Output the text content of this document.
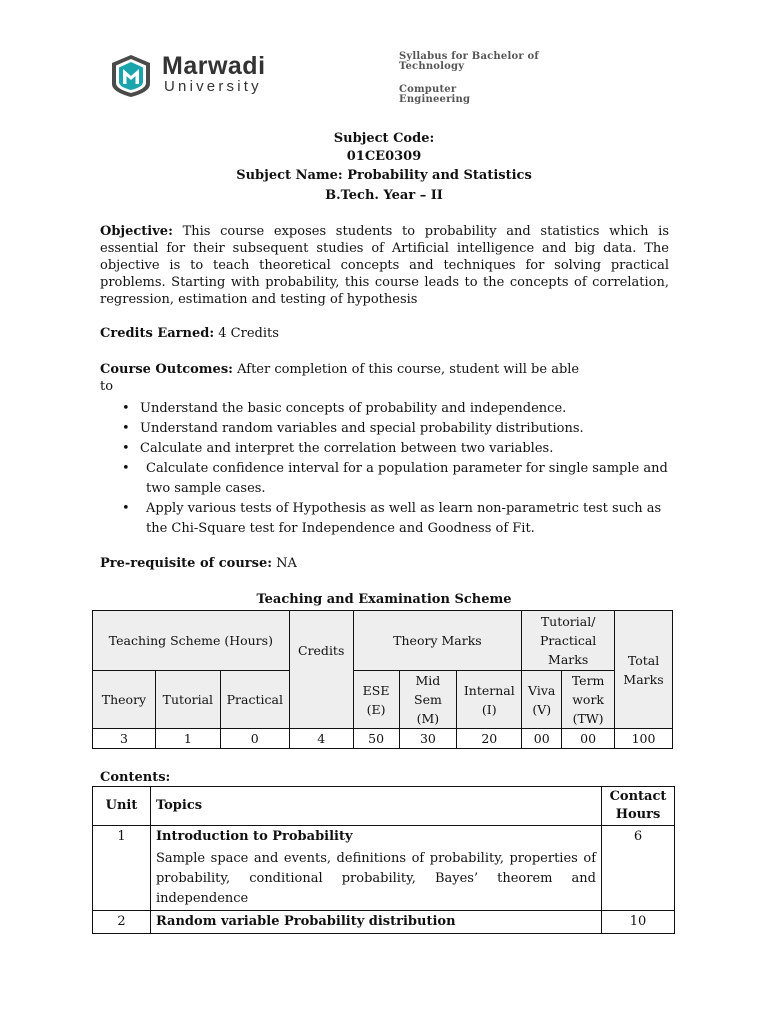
Marwadi
University
Syllabus for Bachelor of
Technology
Computer
Engineering
Subject Code:
01CE0309
Subject Name: Probability and Statistics
B.Tech. Year – II
Objective: This course exposes students to probability and statistics which is essential for their subsequent studies of Artificial intelligence and big data. The objective is to teach theoretical concepts and techniques for solving practical problems. Starting with probability, this course leads to the concepts of correlation, regression, estimation and testing of hypothesis
Credits Earned: 4 Credits
Course Outcomes: After completion of this course, student will be able
to
• Understand the basic concepts of probability and independence.
• Understand random variables and special probability distributions.
• Calculate and interpret the correlation between two variables.
• Calculate confidence interval for a population parameter for single sample and two sample cases.
• Apply various tests of Hypothesis as well as learn non-parametric test such as the Chi-Square test for Independence and Goodness of Fit.
Pre-requisite of course: NA
Teaching and Examination Scheme
Teaching Scheme (Hours)			Credits	Theory Marks			Tutorial/ Practical Marks		Total Marks
Theory	Tutorial	Practical		ESE (E)	Mid Sem (M)	Internal (I)	Viva (V)	Term work (TW)	
3	1	0	4	50	30	20	00	00	100
Contents:
Unit	Topics	Contact Hours
1	Introduction to Probability
Sample space and events, definitions of probability, properties of probability, conditional probability, Bayes’ theorem and independence	6
2	Random variable Probability distribution	10
